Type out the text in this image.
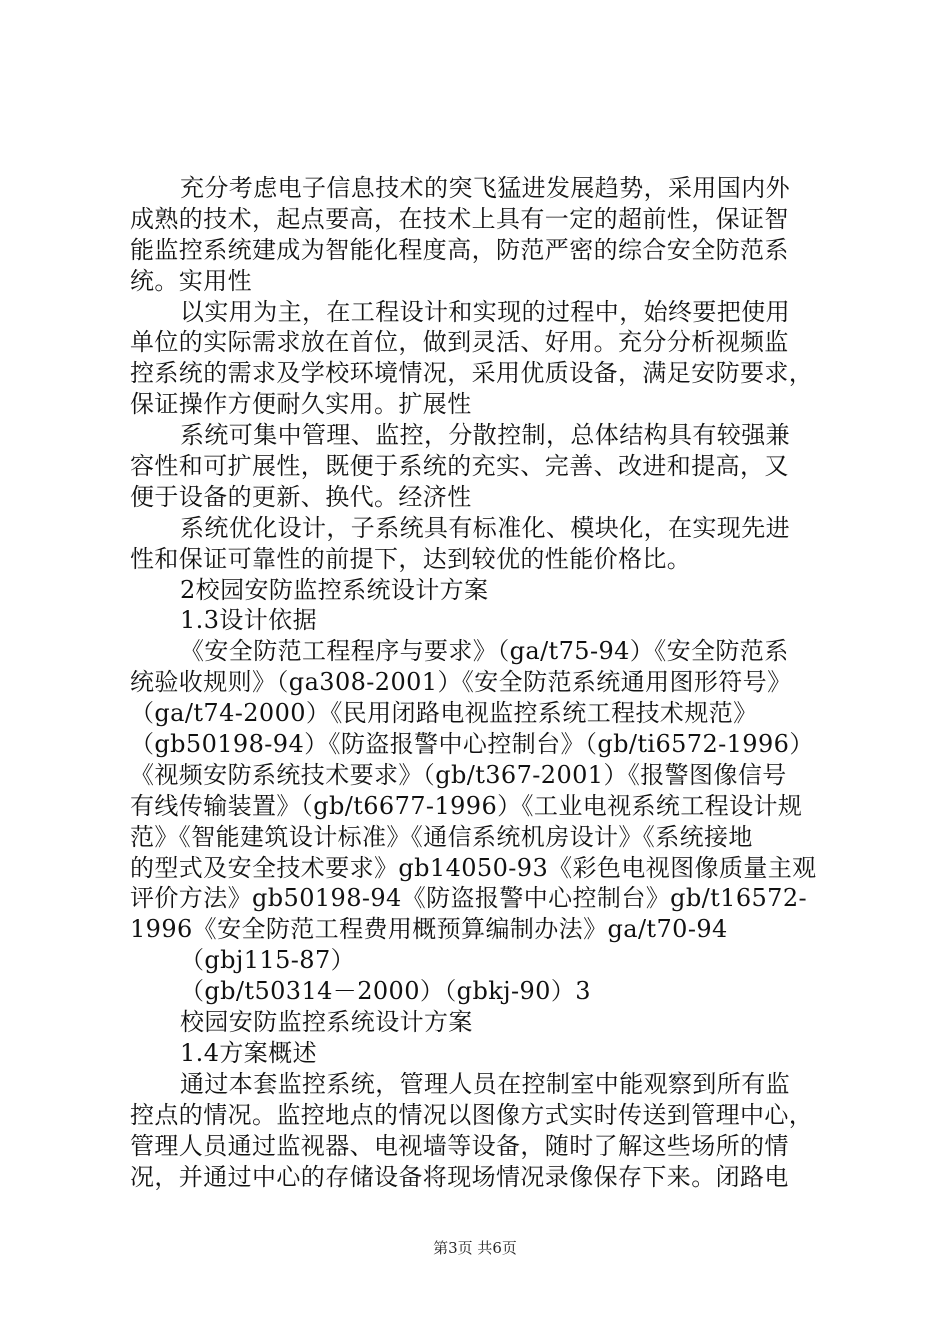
充分考虑电子信息技术的突飞猛进发展趋势，采用国内外
成熟的技术，起点要高，在技术上具有一定的超前性，保证智
能监控系统建成为智能化程度高，防范严密的综合安全防范系
统。实用性
以实用为主，在工程设计和实现的过程中，始终要把使用
单位的实际需求放在首位，做到灵活、好用。充分分析视频监
控系统的需求及学校环境情况，采用优质设备，满足安防要求，
保证操作方便耐久实用。扩展性
系统可集中管理、监控，分散控制，总体结构具有较强兼
容性和可扩展性，既便于系统的充实、完善、改进和提高，又
便于设备的更新、换代。经济性
系统优化设计，子系统具有标准化、模块化，在实现先进
性和保证可靠性的前提下，达到较优的性能价格比。
2校园安防监控系统设计方案
1.3设计依据
《安全防范工程程序与要求》（ga/t75-94）《安全防范系
统验收规则》（ga308-2001）《安全防范系统通用图形符号》
（ga/t74-2000）《民用闭路电视监控系统工程技术规范》
（gb50198-94）《防盗报警中心控制台》（gb/ti6572-1996）
《视频安防系统技术要求》（gb/t367-2001）《报警图像信号
有线传输装置》（gb/t6677-1996）《工业电视系统工程设计规
范》《智能建筑设计标准》《通信系统机房设计》《系统接地
的型式及安全技术要求》gb14050-93《彩色电视图像质量主观
评价方法》gb50198-94《防盗报警中心控制台》gb/t16572-
1996《安全防范工程费用概预算编制办法》ga/t70-94
（gbj115-87）
（gb/t50314－2000）（gbkj-90）3
校园安防监控系统设计方案
1.4方案概述
通过本套监控系统，管理人员在控制室中能观察到所有监
控点的情况。监控地点的情况以图像方式实时传送到管理中心，
管理人员通过监视器、电视墙等设备，随时了解这些场所的情
况，并通过中心的存储设备将现场情况录像保存下来。闭路电
第3页 共6页
